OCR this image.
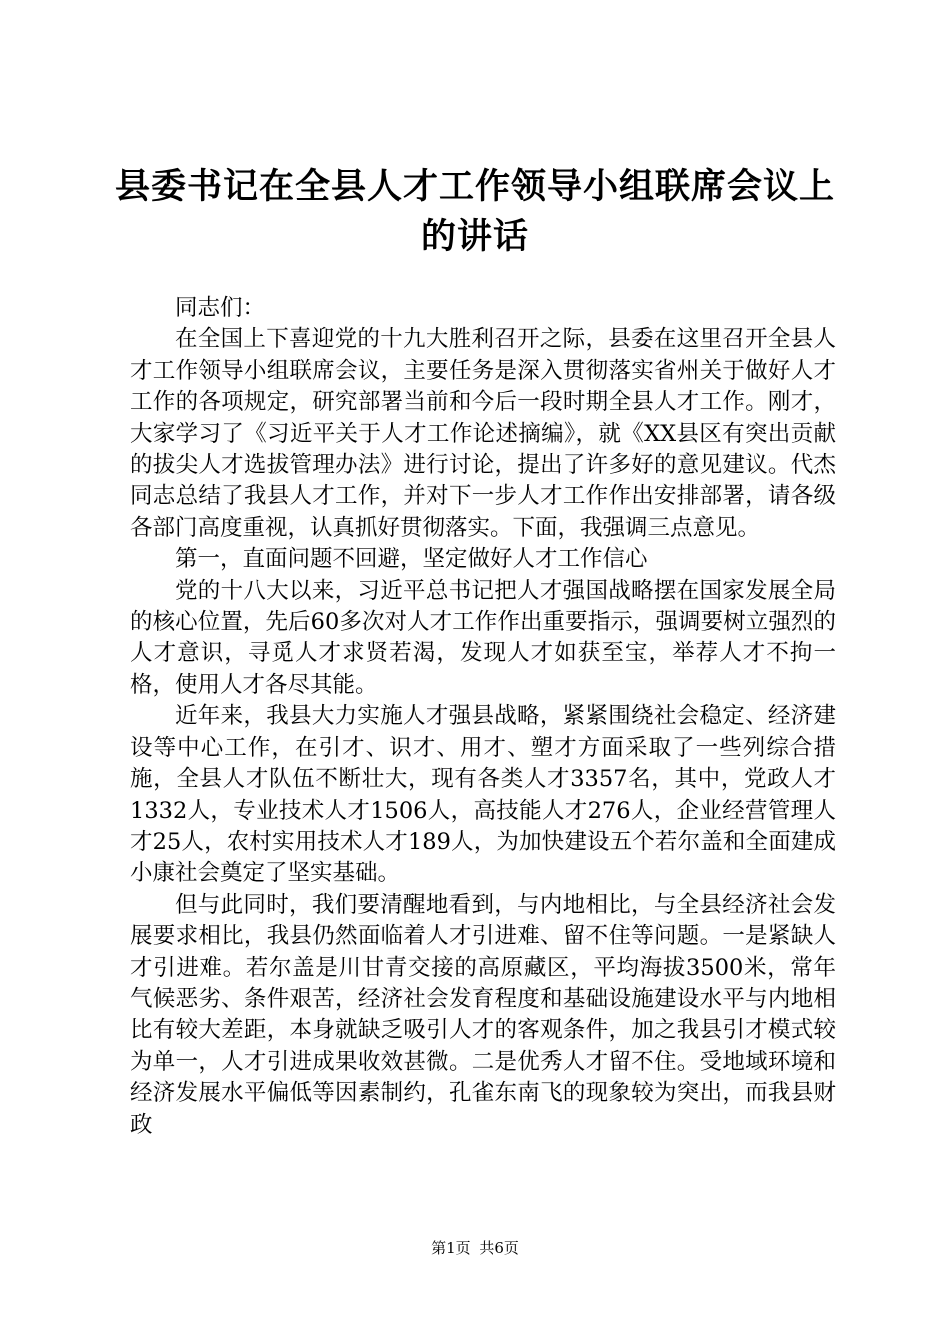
县委书记在全县人才工作领导小组联席会议上
的讲话

同志们：

在全国上下喜迎党的十九大胜利召开之际，县委在这里召开全县人才工作领导小组联席会议，主要任务是深入贯彻落实省州关于做好人才工作的各项规定，研究部署当前和今后一段时期全县人才工作。刚才，大家学习了《习近平关于人才工作论述摘编》，就《XX县区有突出贡献的拔尖人才选拔管理办法》进行讨论，提出了许多好的意见建议。代杰同志总结了我县人才工作，并对下一步人才工作作出安排部署，请各级各部门高度重视，认真抓好贯彻落实。下面，我强调三点意见。

第一，直面问题不回避，坚定做好人才工作信心

党的十八大以来，习近平总书记把人才强国战略摆在国家发展全局的核心位置，先后60多次对人才工作作出重要指示，强调要树立强烈的人才意识，寻觅人才求贤若渴，发现人才如获至宝，举荐人才不拘一格，使用人才各尽其能。

近年来，我县大力实施人才强县战略，紧紧围绕社会稳定、经济建设等中心工作，在引才、识才、用才、塑才方面采取了一些列综合措施，全县人才队伍不断壮大，现有各类人才3357名，其中，党政人才1332人，专业技术人才1506人，高技能人才276人，企业经营管理人才25人，农村实用技术人才189人，为加快建设五个若尔盖和全面建成小康社会奠定了坚实基础。

但与此同时，我们要清醒地看到，与内地相比，与全县经济社会发展要求相比，我县仍然面临着人才引进难、留不住等问题。一是紧缺人才引进难。若尔盖是川甘青交接的高原藏区，平均海拔3500米，常年气候恶劣、条件艰苦，经济社会发育程度和基础设施建设水平与内地相比有较大差距，本身就缺乏吸引人才的客观条件，加之我县引才模式较为单一，人才引进成果收效甚微。二是优秀人才留不住。受地域环境和经济发展水平偏低等因素制约，孔雀东南飞的现象较为突出，而我县财政

第1页 共6页
